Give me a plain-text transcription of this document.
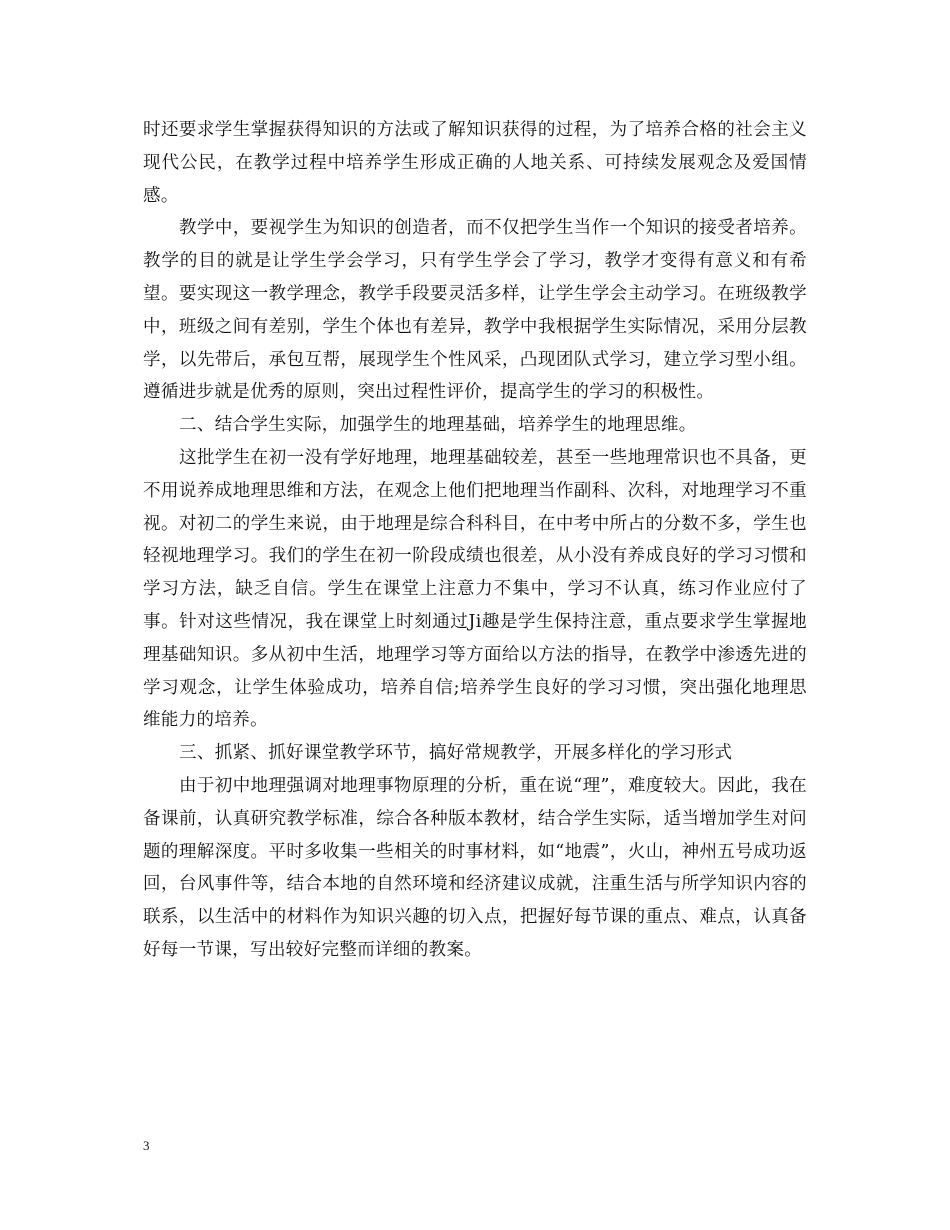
时还要求学生掌握获得知识的方法或了解知识获得的过程，为了培养合格的社会主义现代公民，在教学过程中培养学生形成正确的人地关系、可持续发展观念及爱国情感。

教学中，要视学生为知识的创造者，而不仅把学生当作一个知识的接受者培养。教学的目的就是让学生学会学习，只有学生学会了学习，教学才变得有意义和有希望。要实现这一教学理念，教学手段要灵活多样，让学生学会主动学习。在班级教学中，班级之间有差别，学生个体也有差异，教学中我根据学生实际情况，采用分层教学，以先带后，承包互帮，展现学生个性风采，凸现团队式学习，建立学习型小组。遵循进步就是优秀的原则，突出过程性评价，提高学生的学习的积极性。

二、结合学生实际，加强学生的地理基础，培养学生的地理思维。

这批学生在初一没有学好地理，地理基础较差，甚至一些地理常识也不具备，更不用说养成地理思维和方法，在观念上他们把地理当作副科、次科，对地理学习不重视。对初二的学生来说，由于地理是综合科科目，在中考中所占的分数不多，学生也轻视地理学习。我们的学生在初一阶段成绩也很差，从小没有养成良好的学习习惯和学习方法，缺乏自信。学生在课堂上注意力不集中，学习不认真，练习作业应付了事。针对这些情况，我在课堂上时刻通过Ji趣是学生保持注意，重点要求学生掌握地理基础知识。多从初中生活，地理学习等方面给以方法的指导，在教学中渗透先进的学习观念，让学生体验成功，培养自信;培养学生良好的学习习惯，突出强化地理思维能力的培养。

三、抓紧、抓好课堂教学环节，搞好常规教学，开展多样化的学习形式

由于初中地理强调对地理事物原理的分析，重在说“理”，难度较大。因此，我在备课前，认真研究教学标准，综合各种版本教材，结合学生实际，适当增加学生对问题的理解深度。平时多收集一些相关的时事材料，如“地震”，火山，神州五号成功返回，台风事件等，结合本地的自然环境和经济建议成就，注重生活与所学知识内容的联系，以生活中的材料作为知识兴趣的切入点，把握好每节课的重点、难点，认真备好每一节课，写出较好完整而详细的教案。

3
